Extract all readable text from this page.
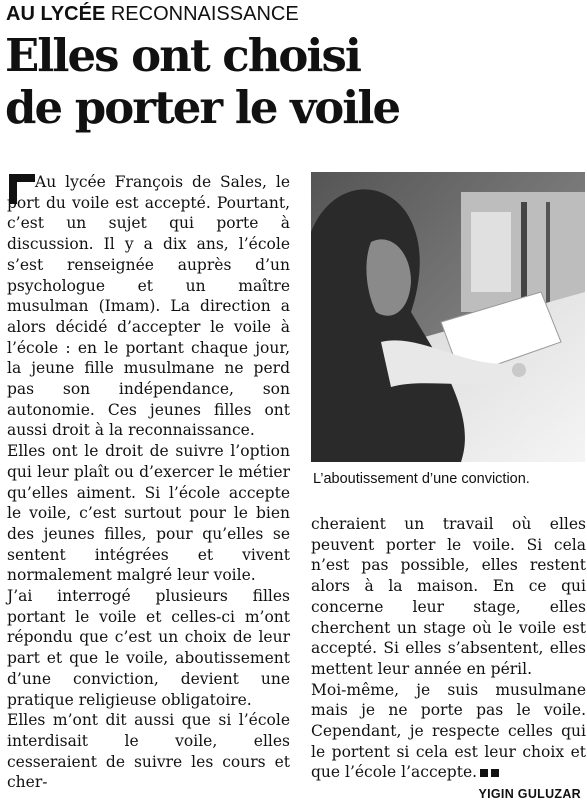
AU LYCÉE RECONNAISSANCE
Elles ont choisi
de porter le voile

Au lycée François de Sales, le port du voile est accepté. Pourtant, c’est un sujet qui porte à discussion. Il y a dix ans, l’école s’est renseignée auprès d’un psychologue et un maître musulman (Imam). La direction a alors décidé d’accepter le voile à l’école : en le portant chaque jour, la jeune fille musulmane ne perd pas son indépendance, son autonomie. Ces jeunes filles ont aussi droit à la reconnaissance.

Elles ont le droit de suivre l’option qui leur plaît ou d’exercer le métier qu’elles aiment. Si l’école accepte le voile, c’est surtout pour le bien des jeunes filles, pour qu’elles se sentent intégrées et vivent normalement malgré leur voile.

J’ai interrogé plusieurs filles portant le voile et celles-ci m’ont répondu que c’est un choix de leur part et que le voile, aboutissement d’une conviction, devient une pratique religieuse obligatoire.

Elles m’ont dit aussi que si l’école interdisait le voile, elles cesseraient de suivre les cours et cher-

L’aboutissement d’une conviction.

cheraient un travail où elles peuvent porter le voile. Si cela n’est pas possible, elles restent alors à la maison. En ce qui concerne leur stage, elles cherchent un stage où le voile est accepté. Si elles s’absentent, elles mettent leur année en péril.

Moi-même, je suis musulmane mais je ne porte pas le voile. Cependant, je respecte celles qui le portent si cela est leur choix et que l’école l’accepte.

YIGIN GULUZAR
